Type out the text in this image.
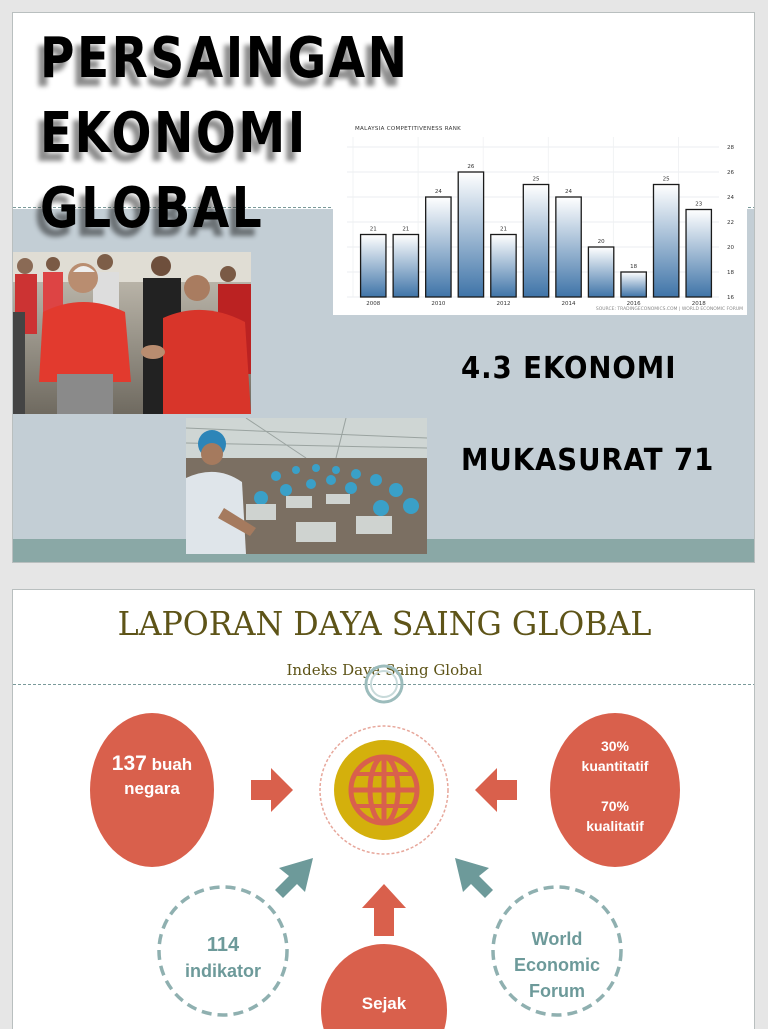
PERSAINGAN
EKONOMI
GLOBAL
MALAYSIA COMPETITIVENESS RANK
21	21
24
26
21
25
24
20
18
25
23
2008	2010	2012	2014	2016	2018
28
26
24
22
20
18
16
SOURCE: TRADINGECONOMICS.COM | WORLD ECONOMIC FORUM
4.3 EKONOMI
MUKASURAT 71
LAPORAN DAYA SAING GLOBAL
Indeks Daya Saing Global
137 buah
negara
30%
kuantitatif
70%
kualitatif
114
indikator
World
Economic
Forum
Sejak
